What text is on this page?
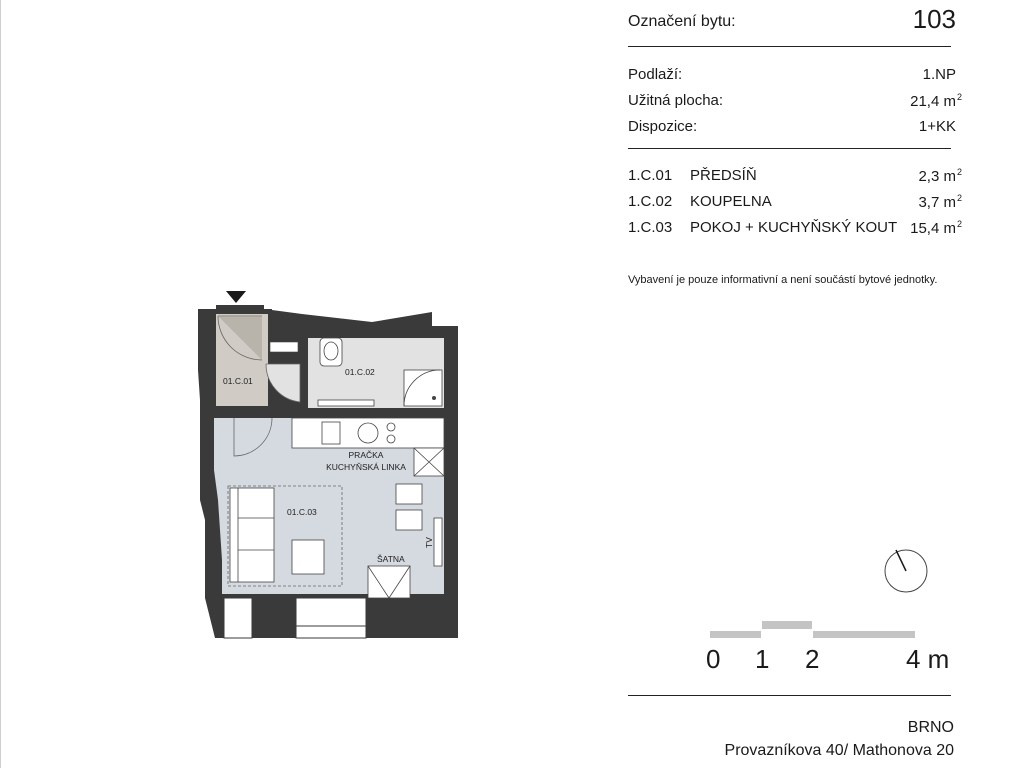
Označení bytu:	103
Podlaží:	1.NP
Užitná plocha:	21,4 $m^2$
Dispozice:	1+KK
1.C.01 PŘEDSÍŇ	2,3 $m^2$
1.C.02 KOUPELNA	3,7 $m^2$
1.C.03 POKOJ + KUCHYŇSKÝ KOUT 15,4 $m^2$
Vybavení je pouze informativní a není součástí bytové jednotky.
01.C.01
01.C.02
01.C.03
PRAČKA
KUCHYŇSKÁ LINKA
ŠATNA
TV
0 1 2	4 m
BRNO
Provazníkova 40/ Mathonova 20
